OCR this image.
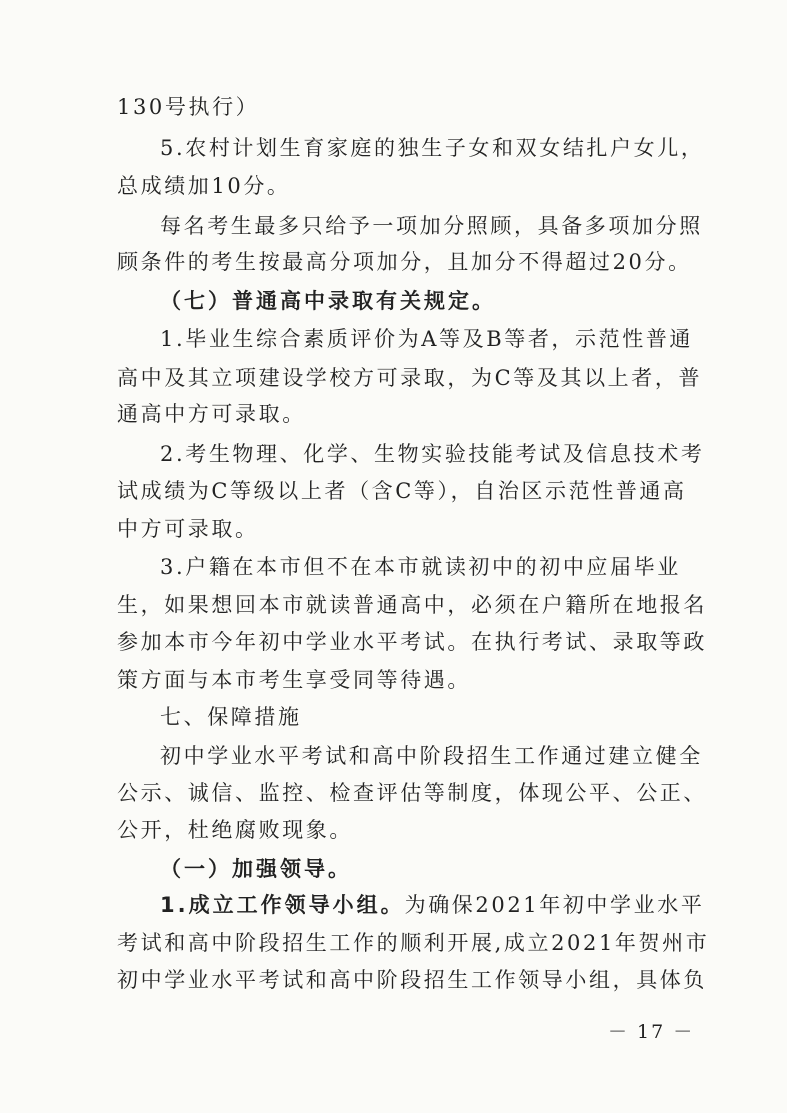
130号执行）
5.农村计划生育家庭的独生子女和双女结扎户女儿，
总成绩加10分。
每名考生最多只给予一项加分照顾，具备多项加分照
顾条件的考生按最高分项加分，且加分不得超过20分。
（七）普通高中录取有关规定。
1.毕业生综合素质评价为A等及B等者，示范性普通
高中及其立项建设学校方可录取，为C等及其以上者，普
通高中方可录取。
2.考生物理、化学、生物实验技能考试及信息技术考
试成绩为C等级以上者（含C等），自治区示范性普通高
中方可录取。
3.户籍在本市但不在本市就读初中的初中应届毕业
生，如果想回本市就读普通高中，必须在户籍所在地报名
参加本市今年初中学业水平考试。在执行考试、录取等政
策方面与本市考生享受同等待遇。
七、保障措施
初中学业水平考试和高中阶段招生工作通过建立健全
公示、诚信、监控、检查评估等制度，体现公平、公正、
公开，杜绝腐败现象。
（一）加强领导。
1.成立工作领导小组。为确保2021年初中学业水平
考试和高中阶段招生工作的顺利开展,成立2021年贺州市
初中学业水平考试和高中阶段招生工作领导小组，具体负
－ 17 －
